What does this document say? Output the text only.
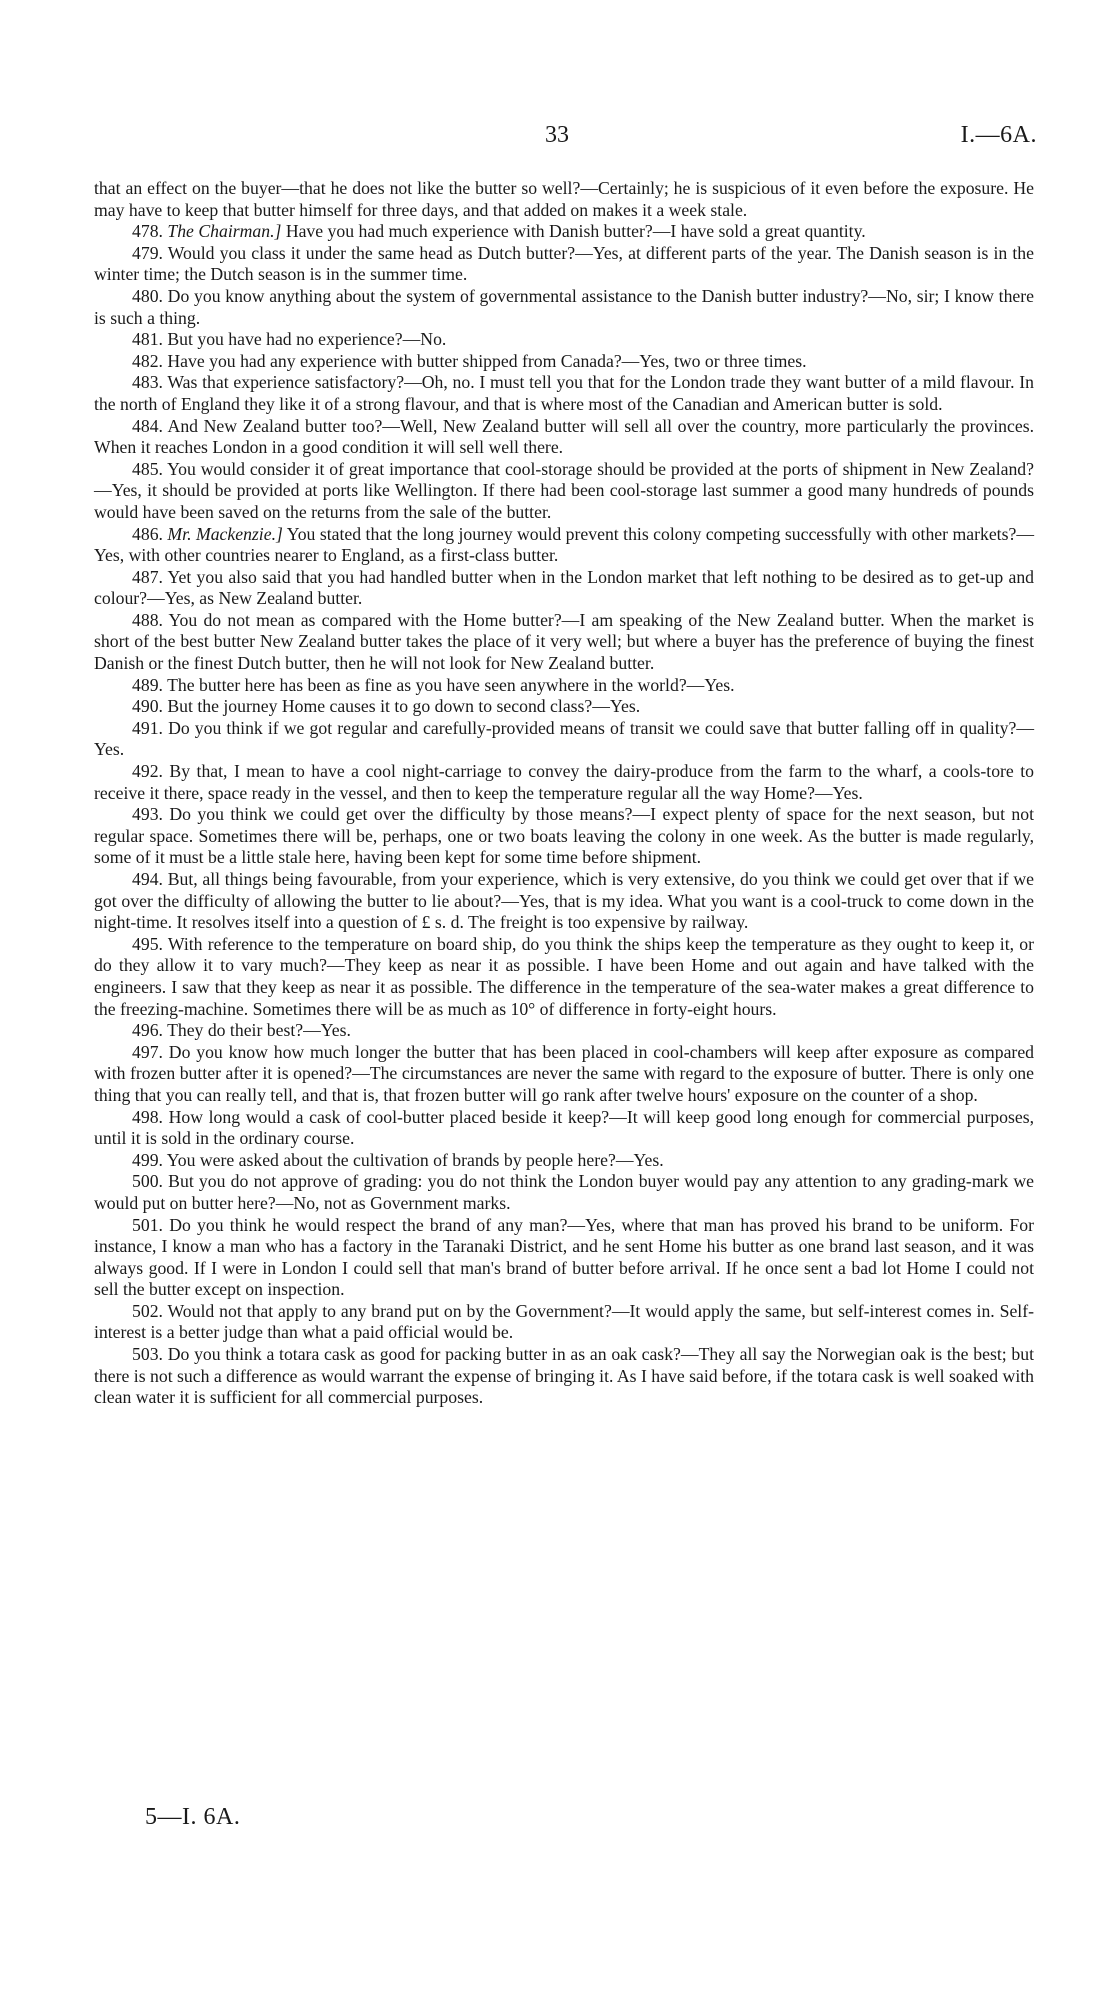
33	I.—6A.

that an effect on the buyer—that he does not like the butter so well?—Certainly; he is suspicious of it even before the exposure. He may have to keep that butter himself for three days, and that added on makes it a week stale.

478. The Chairman.] Have you had much experience with Danish butter?—I have sold a great quantity.

479. Would you class it under the same head as Dutch butter?—Yes, at different parts of the year. The Danish season is in the winter time; the Dutch season is in the summer time.

480. Do you know anything about the system of governmental assistance to the Danish butter industry?—No, sir; I know there is such a thing.

481. But you have had no experience?—No.

482. Have you had any experience with butter shipped from Canada?—Yes, two or three times.

483. Was that experience satisfactory?—Oh, no. I must tell you that for the London trade they want butter of a mild flavour. In the north of England they like it of a strong flavour, and that is where most of the Canadian and American butter is sold.

484. And New Zealand butter too?—Well, New Zealand butter will sell all over the country, more particularly the provinces. When it reaches London in a good condition it will sell well there.

485. You would consider it of great importance that cool-storage should be provided at the ports of shipment in New Zealand?—Yes, it should be provided at ports like Wellington. If there had been cool-storage last summer a good many hundreds of pounds would have been saved on the returns from the sale of the butter.

486. Mr. Mackenzie.] You stated that the long journey would prevent this colony competing successfully with other markets?—Yes, with other countries nearer to England, as a first-class butter.

487. Yet you also said that you had handled butter when in the London market that left nothing to be desired as to get-up and colour?—Yes, as New Zealand butter.

488. You do not mean as compared with the Home butter?—I am speaking of the New Zealand butter. When the market is short of the best butter New Zealand butter takes the place of it very well; but where a buyer has the preference of buying the finest Danish or the finest Dutch butter, then he will not look for New Zealand butter.

489. The butter here has been as fine as you have seen anywhere in the world?—Yes.

490. But the journey Home causes it to go down to second class?—Yes.

491. Do you think if we got regular and carefully-provided means of transit we could save that butter falling off in quality?—Yes.

492. By that, I mean to have a cool night-carriage to convey the dairy-produce from the farm to the wharf, a cools-tore to receive it there, space ready in the vessel, and then to keep the temperature regular all the way Home?—Yes.

493. Do you think we could get over the difficulty by those means?—I expect plenty of space for the next season, but not regular space. Sometimes there will be, perhaps, one or two boats leaving the colony in one week. As the butter is made regularly, some of it must be a little stale here, having been kept for some time before shipment.

494. But, all things being favourable, from your experience, which is very extensive, do you think we could get over that if we got over the difficulty of allowing the butter to lie about?—Yes, that is my idea. What you want is a cool-truck to come down in the night-time. It resolves itself into a question of £ s. d. The freight is too expensive by railway.

495. With reference to the temperature on board ship, do you think the ships keep the temperature as they ought to keep it, or do they allow it to vary much?—They keep as near it as possible. I have been Home and out again and have talked with the engineers. I saw that they keep as near it as possible. The difference in the temperature of the sea-water makes a great difference to the freezing-machine. Sometimes there will be as much as 10° of difference in forty-eight hours.

496. They do their best?—Yes.

497. Do you know how much longer the butter that has been placed in cool-chambers will keep after exposure as compared with frozen butter after it is opened?—The circumstances are never the same with regard to the exposure of butter. There is only one thing that you can really tell, and that is, that frozen butter will go rank after twelve hours' exposure on the counter of a shop.

498. How long would a cask of cool-butter placed beside it keep?—It will keep good long enough for commercial purposes, until it is sold in the ordinary course.

499. You were asked about the cultivation of brands by people here?—Yes.

500. But you do not approve of grading: you do not think the London buyer would pay any attention to any grading-mark we would put on butter here?—No, not as Government marks.

501. Do you think he would respect the brand of any man?—Yes, where that man has proved his brand to be uniform. For instance, I know a man who has a factory in the Taranaki District, and he sent Home his butter as one brand last season, and it was always good. If I were in London I could sell that man's brand of butter before arrival. If he once sent a bad lot Home I could not sell the butter except on inspection.

502. Would not that apply to any brand put on by the Government?—It would apply the same, but self-interest comes in. Self-interest is a better judge than what a paid official would be.

503. Do you think a totara cask as good for packing butter in as an oak cask?—They all say the Norwegian oak is the best; but there is not such a difference as would warrant the expense of bringing it. As I have said before, if the totara cask is well soaked with clean water it is sufficient for all commercial purposes.

5—I. 6A.
